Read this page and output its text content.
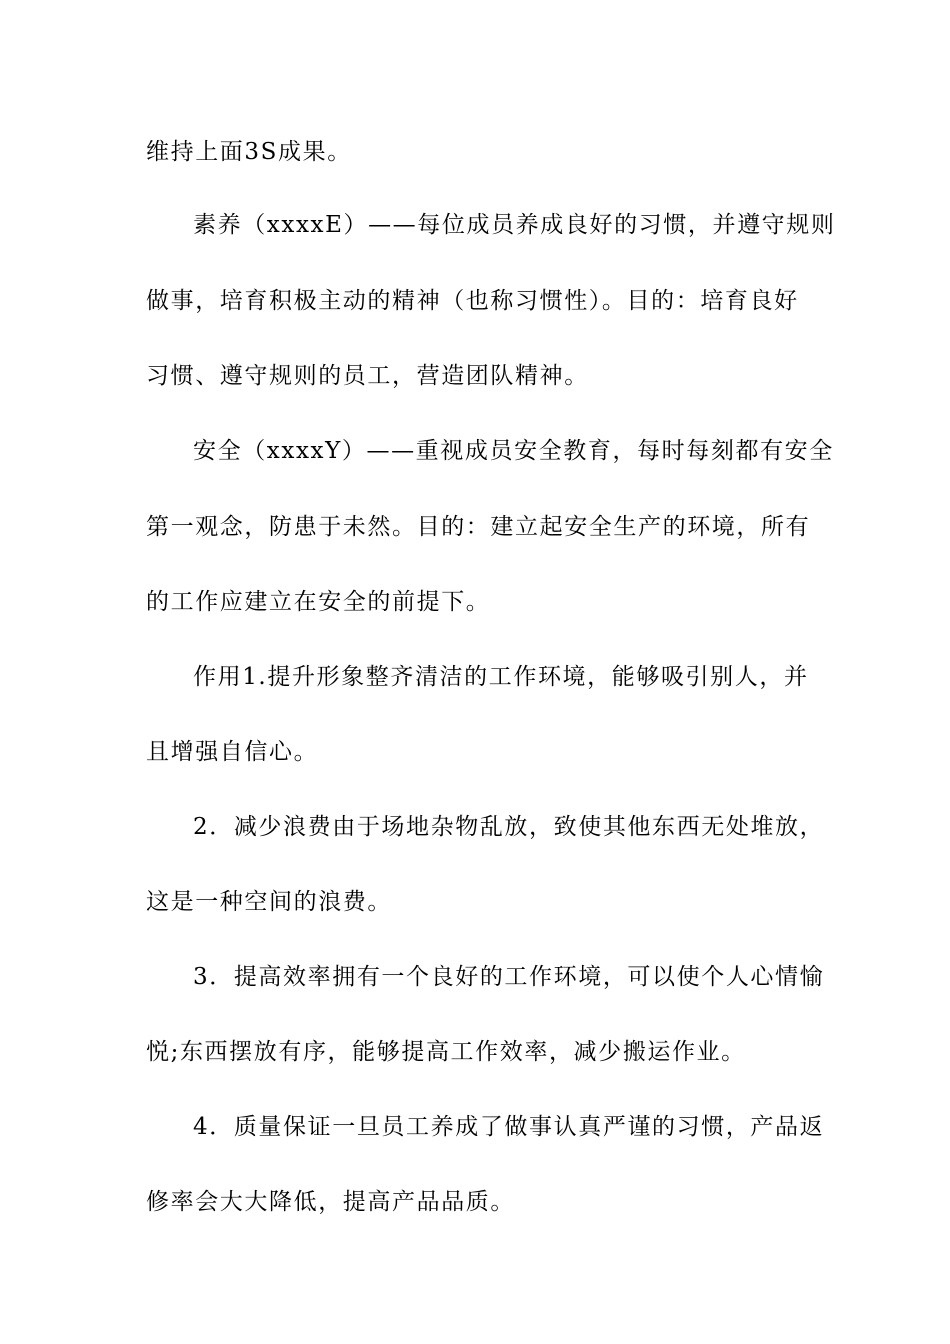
维持上面3S成果。
素养（xxxxE）——每位成员养成良好的习惯，并遵守规则
做事，培育积极主动的精神（也称习惯性）。目的：培育良好
习惯、遵守规则的员工，营造团队精神。
安全（xxxxY）——重视成员安全教育，每时每刻都有安全
第一观念，防患于未然。目的：建立起安全生产的环境，所有
的工作应建立在安全的前提下。
作用1.提升形象整齐清洁的工作环境，能够吸引别人，并
且增强自信心。
2．减少浪费由于场地杂物乱放，致使其他东西无处堆放，
这是一种空间的浪费。
3．提高效率拥有一个良好的工作环境，可以使个人心情愉
悦;东西摆放有序，能够提高工作效率，减少搬运作业。
4．质量保证一旦员工养成了做事认真严谨的习惯，产品返
修率会大大降低，提高产品品质。
